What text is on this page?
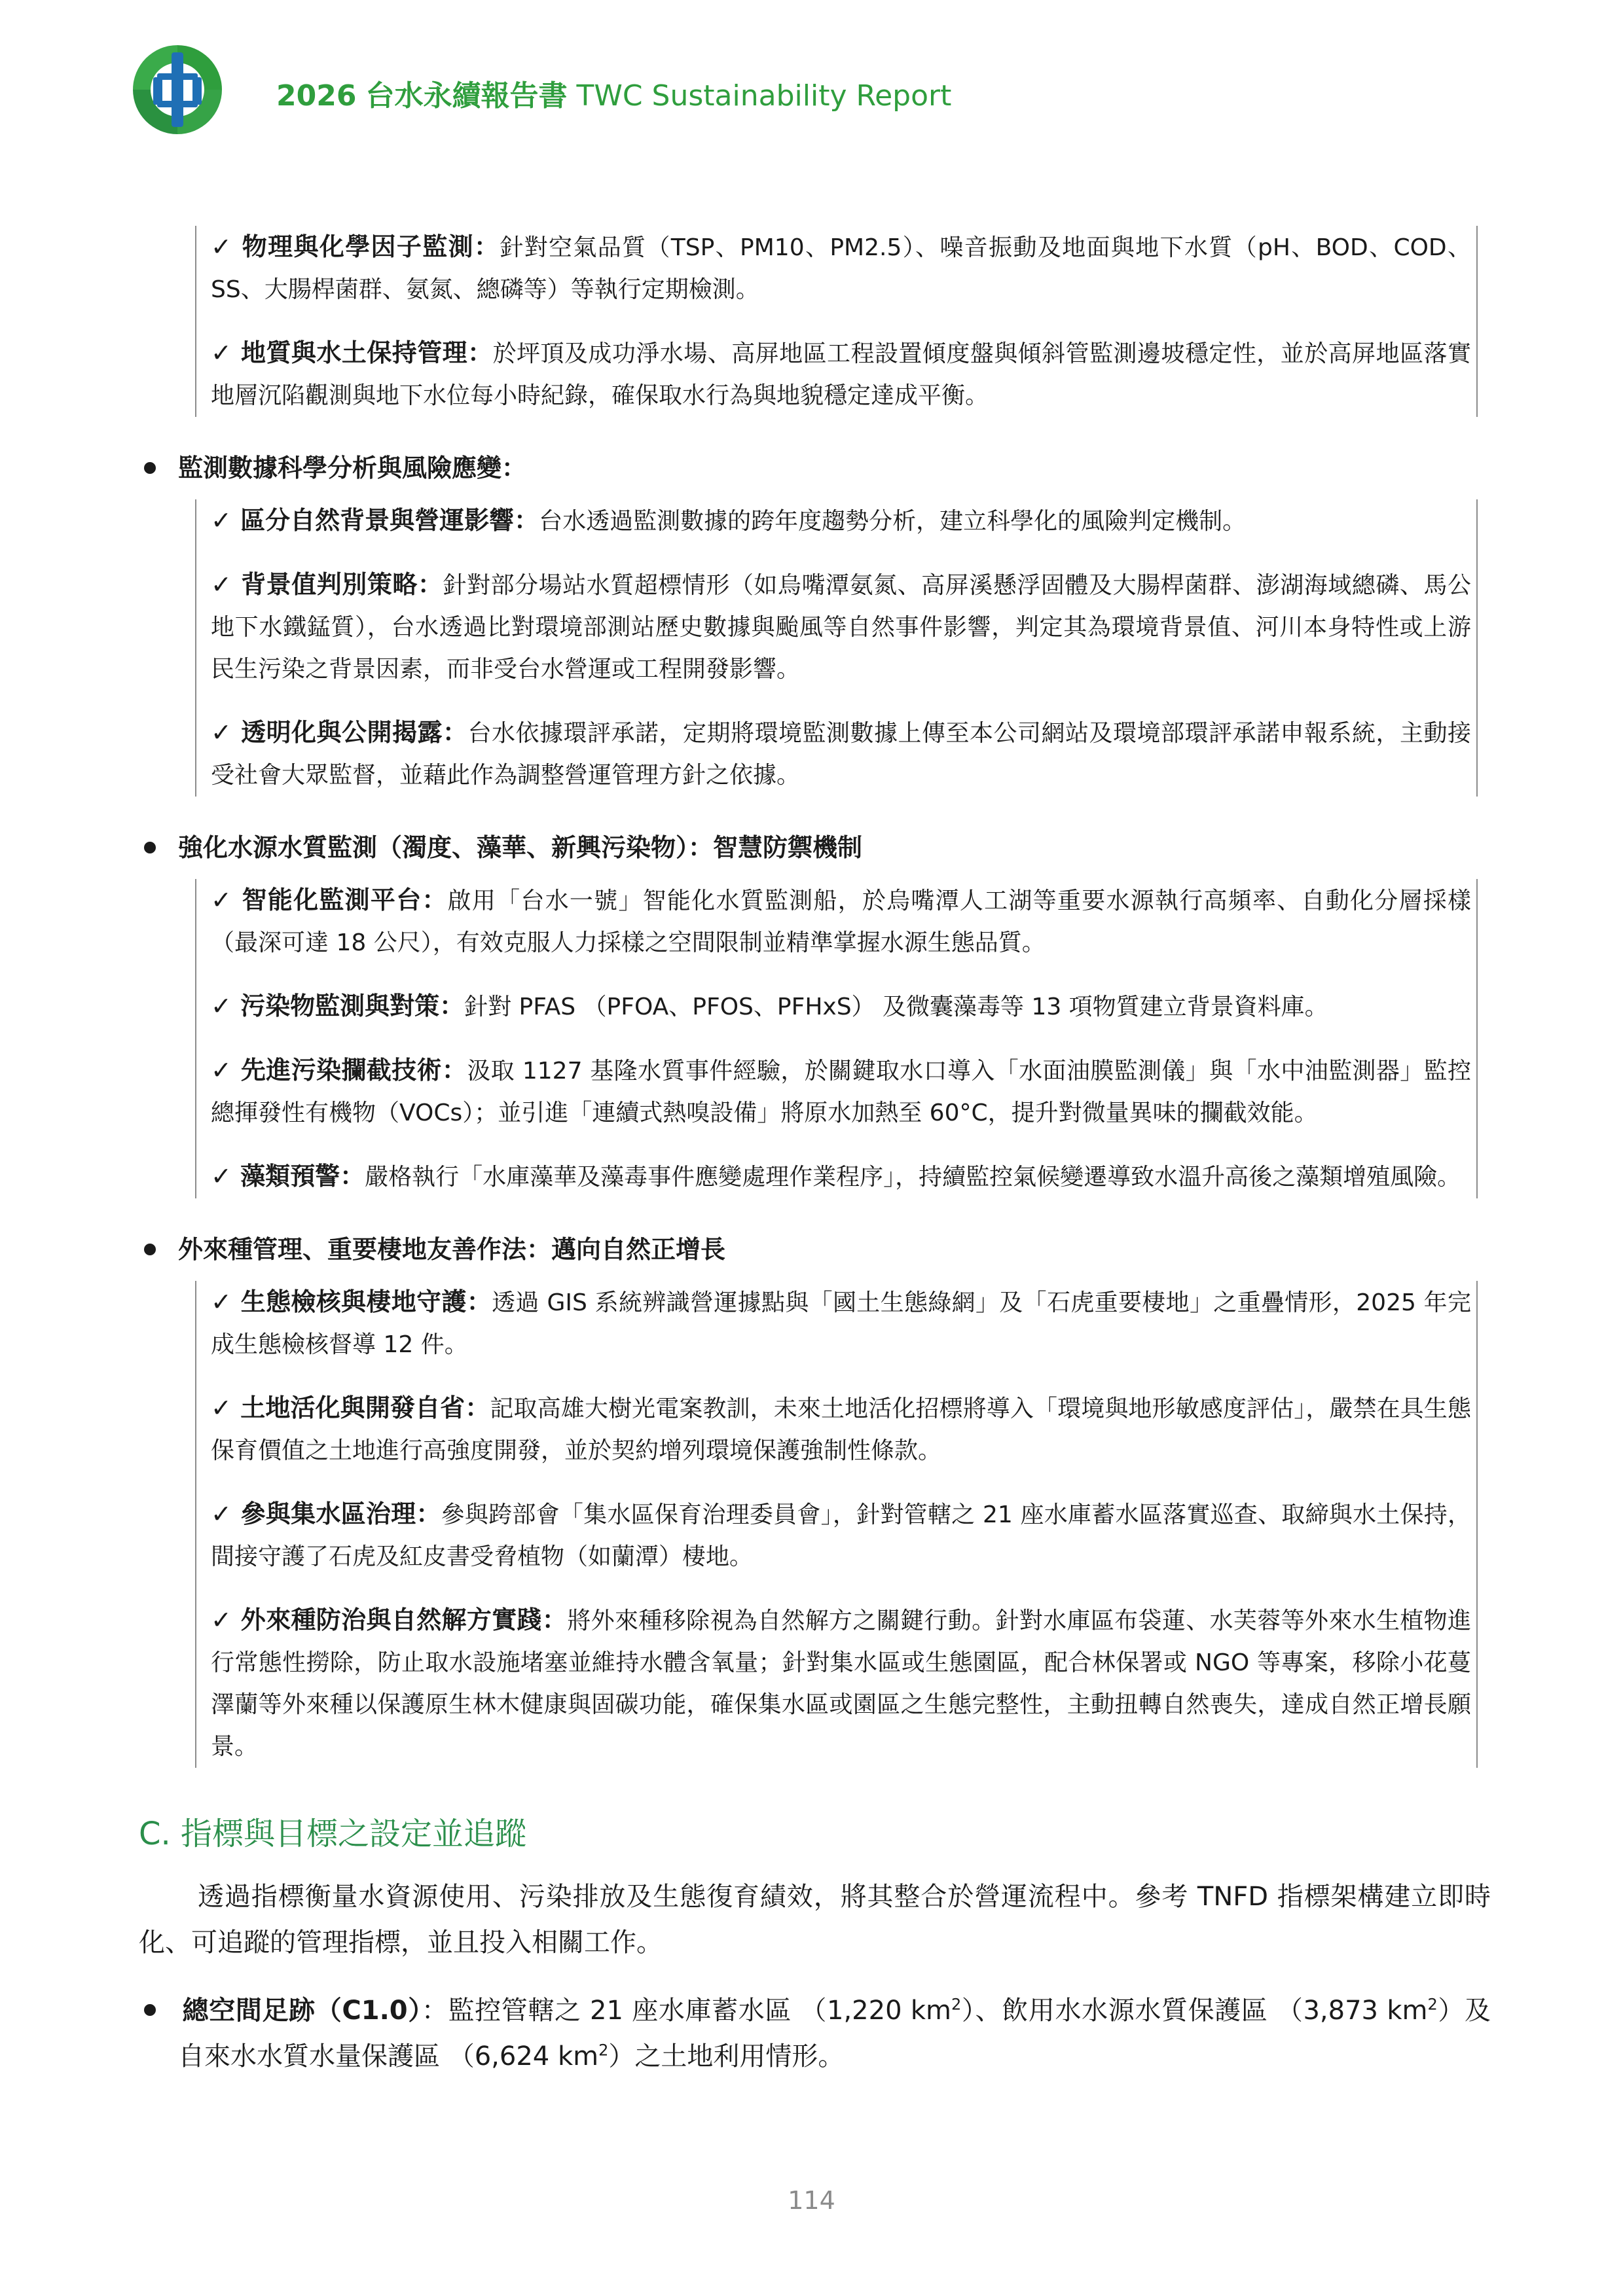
2026 台水永續報告書 TWC Sustainability Report
✓ 物理與化學因子監測：針對空氣品質（TSP、PM10、PM2.5）、噪音振動及地面與地下水質（pH、BOD、COD、SS、大腸桿菌群、氨氮、總磷等）等執行定期檢測。
✓ 地質與水土保持管理：於坪頂及成功淨水場、高屏地區工程設置傾度盤與傾斜管監測邊坡穩定性，並於高屏地區落實地層沉陷觀測與地下水位每小時紀錄，確保取水行為與地貌穩定達成平衡。
監測數據科學分析與風險應變：
✓ 區分自然背景與營運影響：台水透過監測數據的跨年度趨勢分析，建立科學化的風險判定機制。
✓ 背景值判別策略：針對部分場站水質超標情形（如烏嘴潭氨氮、高屏溪懸浮固體及大腸桿菌群、澎湖海域總磷、馬公地下水鐵錳質），台水透過比對環境部測站歷史數據與颱風等自然事件影響，判定其為環境背景值、河川本身特性或上游民生污染之背景因素，而非受台水營運或工程開發影響。
✓ 透明化與公開揭露：台水依據環評承諾，定期將環境監測數據上傳至本公司網站及環境部環評承諾申報系統，主動接受社會大眾監督，並藉此作為調整營運管理方針之依據。
強化水源水質監測（濁度、藻華、新興污染物）：智慧防禦機制
✓ 智能化監測平台：啟用「台水一號」智能化水質監測船，於烏嘴潭人工湖等重要水源執行高頻率、自動化分層採樣（最深可達 18 公尺），有效克服人力採樣之空間限制並精準掌握水源生態品質。
✓ 污染物監測與對策：針對 PFAS （PFOA、PFOS、PFHxS） 及微囊藻毒等 13 項物質建立背景資料庫。
✓ 先進污染攔截技術：汲取 1127 基隆水質事件經驗，於關鍵取水口導入「水面油膜監測儀」與「水中油監測器」監控總揮發性有機物（VOCs）；並引進「連續式熱嗅設備」將原水加熱至 60°C，提升對微量異味的攔截效能。
✓ 藻類預警：嚴格執行「水庫藻華及藻毒事件應變處理作業程序」，持續監控氣候變遷導致水溫升高後之藻類增殖風險。
外來種管理、重要棲地友善作法：邁向自然正增長
✓ 生態檢核與棲地守護：透過 GIS 系統辨識營運據點與「國土生態綠網」及「石虎重要棲地」之重疊情形，2025 年完成生態檢核督導 12 件。
✓ 土地活化與開發自省：記取高雄大樹光電案教訓，未來土地活化招標將導入「環境與地形敏感度評估」，嚴禁在具生態保育價值之土地進行高強度開發，並於契約增列環境保護強制性條款。
✓ 參與集水區治理：參與跨部會「集水區保育治理委員會」，針對管轄之 21 座水庫蓄水區落實巡查、取締與水土保持，間接守護了石虎及紅皮書受脅植物（如蘭潭）棲地。
✓ 外來種防治與自然解方實踐：將外來種移除視為自然解方之關鍵行動。針對水庫區布袋蓮、水芙蓉等外來水生植物進行常態性撈除，防止取水設施堵塞並維持水體含氧量；針對集水區或生態園區，配合林保署或 NGO 等專案，移除小花蔓澤蘭等外來種以保護原生林木健康與固碳功能，確保集水區或園區之生態完整性，主動扭轉自然喪失，達成自然正增長願景。
C. 指標與目標之設定並追蹤
透過指標衡量水資源使用、污染排放及生態復育績效，將其整合於營運流程中。參考 TNFD 指標架構建立即時化、可追蹤的管理指標，並且投入相關工作。
總空間足跡（C1.0）：監控管轄之 21 座水庫蓄水區 （1,220 $km^2$）、飲用水水源水質保護區 （3,873 $km^2$）及自來水水質水量保護區 （6,624 $km^2$）之土地利用情形。
114
